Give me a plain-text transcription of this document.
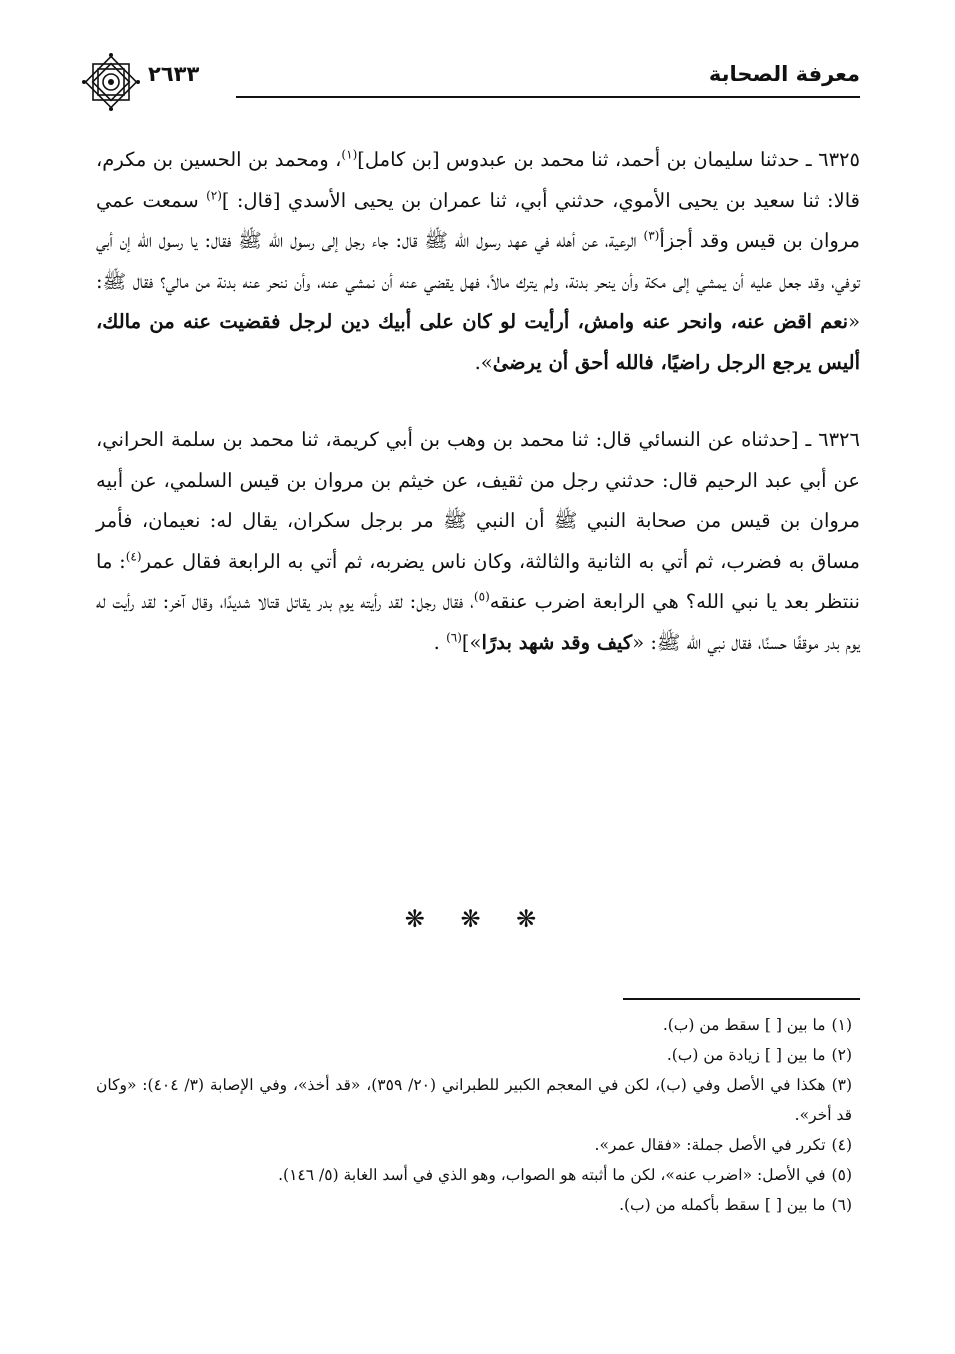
معرفة الصحابة
٢٦٣٣

٦٣٢٥ ـ حدثنا سليمان بن أحمد، ثنا محمد بن عبدوس [بن كامل]$^{(١)}$، ومحمد بن الحسين بن مكرم، قالا: ثنا سعيد بن يحيى الأموي، حدثني أبي، ثنا عمران بن يحيى الأسدي [قال: ]$^{(٢)}$ سمعت عمي مروان بن قيس وقد أجزأ$^{(٣)}$ الرعية، عن أهله في عهد رسول الله ﷺ قال: جاء رجل إلى رسول الله ﷺ فقال: يا رسول الله إن أبي توفي، وقد جعل عليه أن يمشي إلى مكة وأن ينحر بدنة، ولم يترك مالاً، فهل يقضي عنه أن نمشي عنه، وأن ننحر عنه بدنة من مالي؟ فقال ﷺ: «نعم اقض عنه، وانحر عنه وامش، أرأيت لو كان على أبيك دين لرجل فقضيت عنه من مالك، أليس يرجع الرجل راضيًا، فالله أحق أن يرضىٰ».

٦٣٢٦ ـ [حدثناه عن النسائي قال: ثنا محمد بن وهب بن أبي كريمة، ثنا محمد بن سلمة الحراني، عن أبي عبد الرحيم قال: حدثني رجل من ثقيف، عن خيثم بن مروان بن قيس السلمي، عن أبيه مروان بن قيس من صحابة النبي ﷺ أن النبي ﷺ مر برجل سكران، يقال له: نعيمان، فأمر مساق به فضرب، ثم أتي به الثانية والثالثة، وكان ناس يضربه، ثم أتي به الرابعة فقال عمر$^{(٤)}$: ما ننتظر بعد يا نبي الله؟ هي الرابعة اضرب عنقه$^{(٥)}$، فقال رجل: لقد رأيته يوم بدر يقاتل قتالا شديدًا، وقال آخر: لقد رأيت له يوم بدر موقفًا حسنًا، فقال نبي الله ﷺ: «كيف وقد شهد بدرًا»]$^{(٦)}$ .

❋ ❋ ❋

(١)ما بين [ ] سقط من (ب).

(٢)ما بين [ ] زيادة من (ب).

(٣)هكذا في الأصل وفي (ب)، لكن في المعجم الكبير للطبراني (٢٠/ ٣٥٩)، «قد أخذ»، وفي الإصابة (٣/ ٤٠٤): «وكان قد أخر».

(٤)تكرر في الأصل جملة: «فقال عمر».

(٥)في الأصل: «اضرب عنه»، لكن ما أثبته هو الصواب، وهو الذي في أسد الغابة (٥/ ١٤٦).

(٦)ما بين [ ] سقط بأكمله من (ب).
